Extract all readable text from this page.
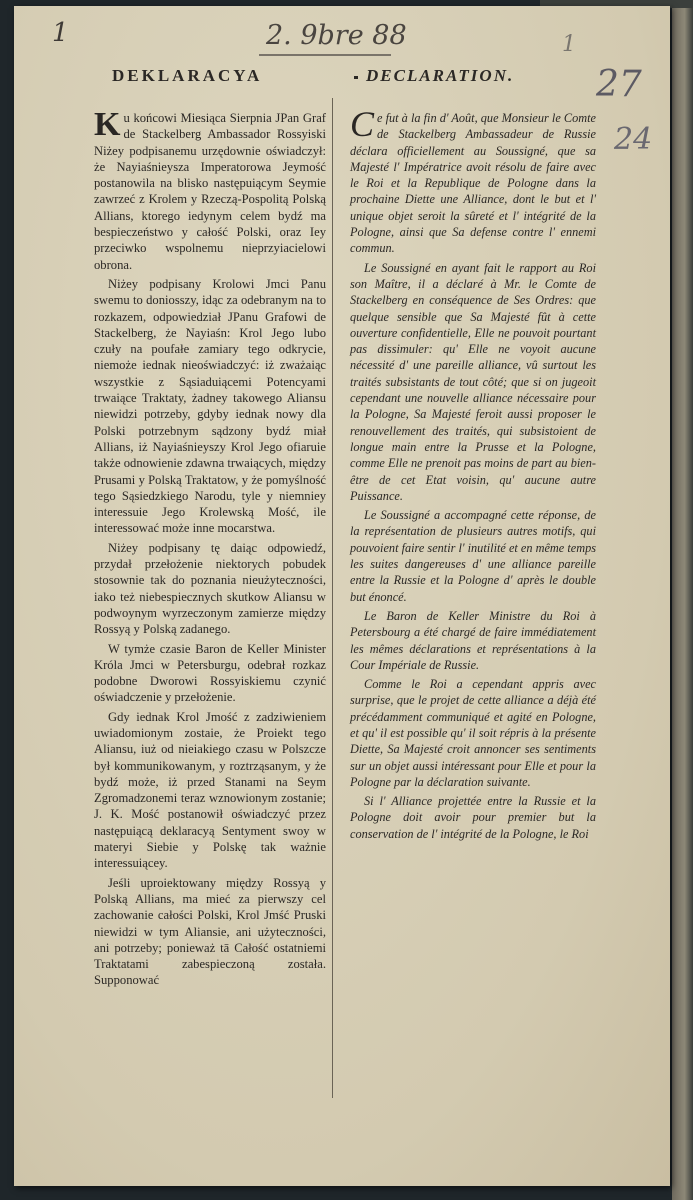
1	2. 9bre 88	1
27
24
DEKLARACYA	DECLARATION.

Ku końcowi Miesiąca Sierpnia JPan Graf de Stackelberg Ambassador Rossyiski Niżey podpisanemu urzędownie oświadczył: że Nayiaśnieysza Imperatorowa Jeymość postanowila na blisko następuiącym Seymie zawrzeć z Krolem y Rzeczą-Pospolitą Polską Allians, ktorego iedynym celem bydź ma bespieczeństwo y całość Polski, oraz Iey przeciwko wspolnemu nieprzyiacielowi obrona.

Niżey podpisany Krolowi Jmci Panu swemu to doniosszy, idąc za odebranym na to rozkazem, odpowiedział JPanu Grafowi de Stackelberg, że Nayiaśn: Krol Jego lubo czuły na poufałe zamiary tego odkrycie, niemoże iednak nieoświadczyć: iż zważaiąc wszystkie z Sąsiaduiącemi Potencyami trwaiące Traktaty, żadney takowego Aliansu niewidzi potrzeby, gdyby iednak nowy dla Polski potrzebnym sądzony bydź miał Allians, iż Nayiaśnieyszy Krol Jego ofiaruie także odnowienie zdawna trwaiących, między Prusami y Polską Traktatow, y że pomyślność tego Sąsiedzkiego Narodu, tyle y niemniey interessuie Jego Krolewską Mość, ile interessować może inne mocarstwa.

Niżey podpisany tę daiąc odpowiedź, przydał przełożenie niektorych pobudek stosownie tak do poznania nieużyteczności, iako też niebespiecznych skutkow Aliansu w podwoynym wyrzeczonym zamierze między Rossyą y Polską zadanego.

W tymże czasie Baron de Keller Minister Króla Jmci w Petersburgu, odebrał rozkaz podobne Dworowi Rossyiskiemu czynić oświadczenie y przełożenie.

Gdy iednak Krol Jmość z zadziwieniem uwiadomionym zostaie, że Proiekt tego Aliansu, iuż od nieiakiego czasu w Polszcze był kommunikowanym, y roztrząsanym, y że bydź może, iż przed Stanami na Seym Zgromadzonemi teraz wznowionym zostanie; J. K. Mość postanowił oświadczyć przez następuiącą deklaracyą Sentyment swoy w materyi Siebie y Polskę tak ważnie interessuiącey.

Jeśli uproiektowany między Rossyą y Polską Allians, ma mieć za pierwszy cel zachowanie całości Polski, Krol Jmść Pruski niewidzi w tym Aliansie, ani użyteczności, ani potrzeby; ponieważ tā Całość ostatniemi Traktatami zabespieczoną została. Supponować

Ce fut à la fin d' Août, que Monsieur le Comte de Stackelberg Ambassadeur de Russie déclara officiellement au Soussigné, que sa Majesté l' Impératrice avoit résolu de faire avec le Roi et la Republique de Pologne dans la prochaine Diette une Alliance, dont le but et l' unique objet seroit la sûreté et l' intégrité de la Pologne, ainsi que Sa defense contre l' ennemi commun.

Le Soussigné en ayant fait le rapport au Roi son Maître, il a déclaré à Mr. le Comte de Stackelberg en conséquence de Ses Ordres: que quelque sensible que Sa Majesté fût à cette ouverture confidentielle, Elle ne pouvoit pourtant pas dissimuler: qu' Elle ne voyoit aucune nécessité d' une pareille alliance, vû surtout les traités subsistants de tout côté; que si on jugeoit cependant une nouvelle alliance nécessaire pour la Pologne, Sa Majesté feroit aussi proposer le renouvellement des traités, qui subsistoient de longue main entre la Prusse et la Pologne, comme Elle ne prenoit pas moins de part au bien-être de cet Etat voisin, qu' aucune autre Puissance.

Le Soussigné a accompagné cette réponse, de la représentation de plusieurs autres motifs, qui pouvoient faire sentir l' inutilité et en même temps les suites dangereuses d' une alliance pareille entre la Russie et la Pologne d' après le double but énoncé.

Le Baron de Keller Ministre du Roi à Petersbourg a été chargé de faire immédiatement les mêmes déclarations et représentations à la Cour Impériale de Russie.

Comme le Roi a cependant appris avec surprise, que le projet de cette alliance a déjà été précédamment communiqué et agité en Pologne, et qu' il est possible qu' il soit répris à la présente Diette, Sa Majesté croit annoncer ses sentiments sur un objet aussi intéressant pour Elle et pour la Pologne par la déclaration suivante.

Si l' Alliance projettée entre la Russie et la Pologne doit avoir pour premier but la conservation de l' intégrité de la Pologne, le Roi
